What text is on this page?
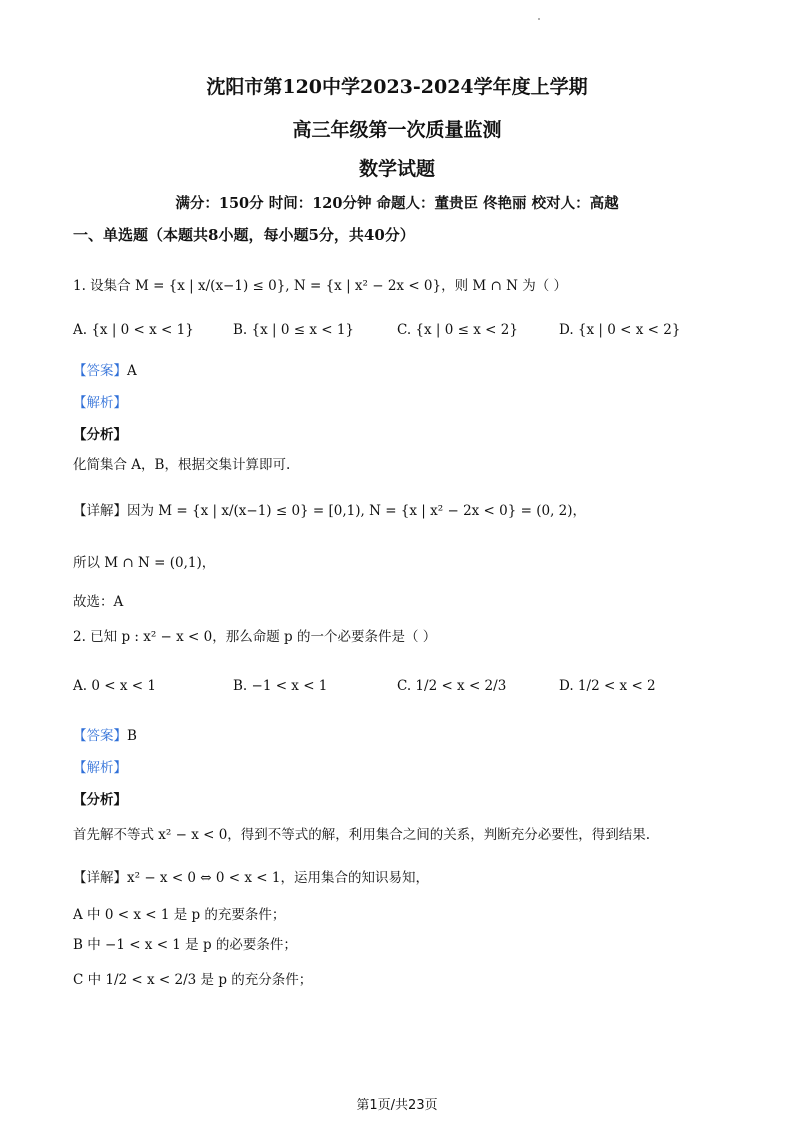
沈阳市第120中学2023-2024学年度上学期
高三年级第一次质量监测
数学试题
满分：150分 时间：120分钟 命题人：董贵臣 佟艳丽 校对人：高越
一、单选题（本题共8小题，每小题5分，共40分）
1. 设集合 M = {x | x/(x−1) ≤ 0}, N = {x | x² − 2x < 0}，则 M ∩ N 为（ ）
A. {x | 0 < x < 1}	B. {x | 0 ≤ x < 1}	C. {x | 0 ≤ x < 2}	D. {x | 0 < x < 2}
【答案】A
【解析】
【分析】
化简集合 A，B，根据交集计算即可.
【详解】因为 M = {x | x/(x−1) ≤ 0} = [0,1), N = {x | x² − 2x < 0} = (0, 2)，
所以 M ∩ N = (0,1)，
故选：A
2. 已知 p : x² − x < 0，那么命题 p 的一个必要条件是（ ）
A. 0 < x < 1	B. −1 < x < 1	C. 1/2 < x < 2/3	D. 1/2 < x < 2
【答案】B
【解析】
【分析】
首先解不等式 x² − x < 0，得到不等式的解，利用集合之间的关系，判断充分必要性，得到结果.
【详解】x² − x < 0 ⇔ 0 < x < 1，运用集合的知识易知，
A 中 0 < x < 1 是 p 的充要条件；
B 中 −1 < x < 1 是 p 的必要条件；
C 中 1/2 < x < 2/3 是 p 的充分条件；
第1页/共23页
